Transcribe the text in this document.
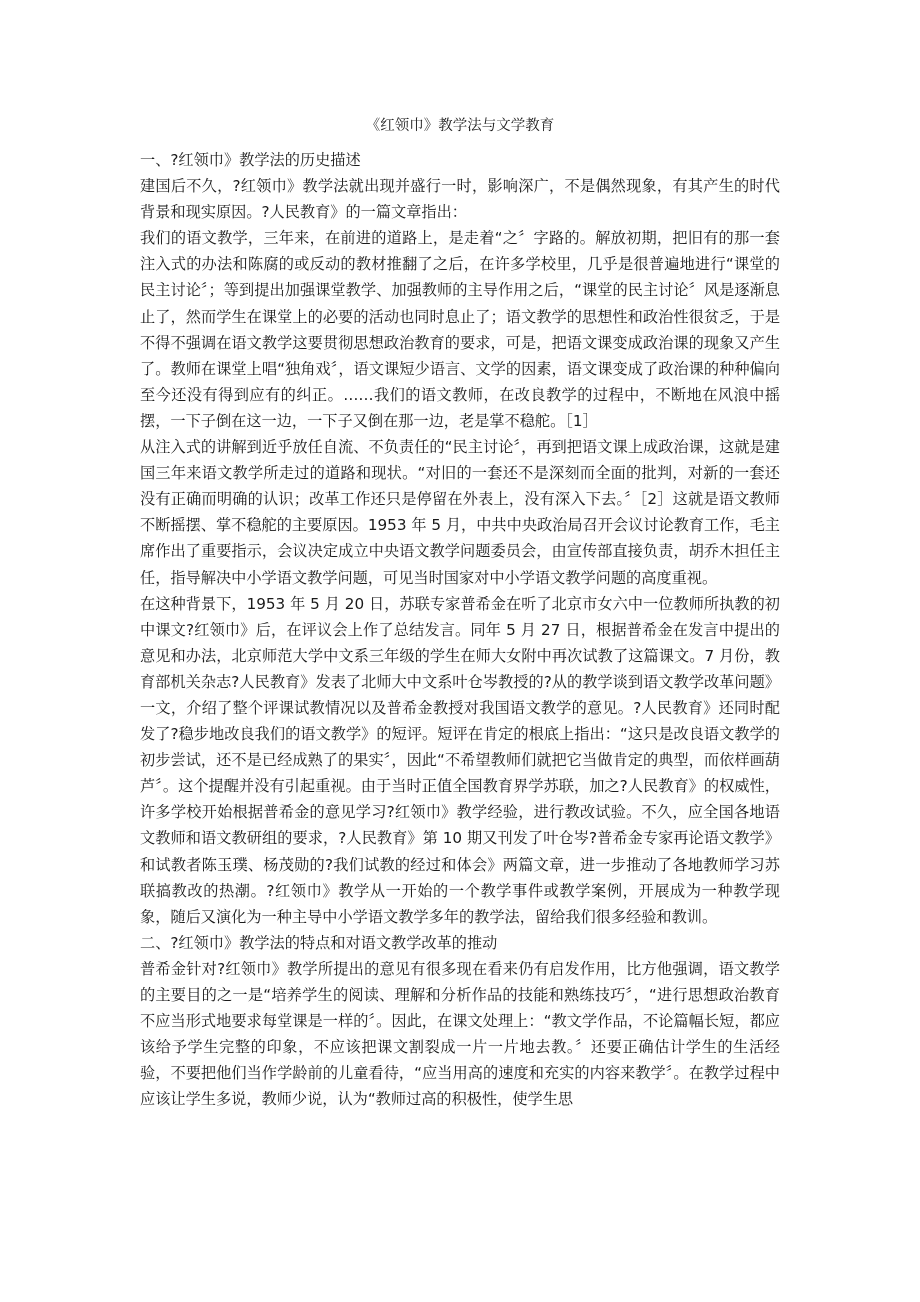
《红领巾》教学法与文学教育
一、?红领巾》教学法的历史描述

建国后不久，?红领巾》教学法就出现并盛行一时，影响深广，不是偶然现象，有其产生的时代背景和现实原因。?人民教育》的一篇文章指出：

我们的语文教学，三年来，在前进的道路上，是走着“之〞字路的。解放初期，把旧有的那一套注入式的办法和陈腐的或反动的教材推翻了之后，在许多学校里，几乎是很普遍地进行“课堂的民主讨论〞；等到提出加强课堂教学、加强教师的主导作用之后，“课堂的民主讨论〞风是逐渐息止了，然而学生在课堂上的必要的活动也同时息止了；语文教学的思想性和政治性很贫乏，于是不得不强调在语文教学这要贯彻思想政治教育的要求，可是，把语文课变成政治课的现象又产生了。教师在课堂上唱“独角戏〞，语文课短少语言、文学的因素，语文课变成了政治课的种种偏向至今还没有得到应有的纠正。……我们的语文教师，在改良教学的过程中，不断地在风浪中摇摆，一下子倒在这一边，一下子又倒在那一边，老是掌不稳舵。［1］

从注入式的讲解到近乎放任自流、不负责任的“民主讨论〞，再到把语文课上成政治课，这就是建国三年来语文教学所走过的道路和现状。“对旧的一套还不是深刻而全面的批判，对新的一套还没有正确而明确的认识；改革工作还只是停留在外表上，没有深入下去。〞［2］这就是语文教师不断摇摆、掌不稳舵的主要原因。1953 年 5 月，中共中央政治局召开会议讨论教育工作，毛主席作出了重要指示，会议决定成立中央语文教学问题委员会，由宣传部直接负责，胡乔木担任主任，指导解决中小学语文教学问题，可见当时国家对中小学语文教学问题的高度重视。

在这种背景下，1953 年 5 月 20 日，苏联专家普希金在听了北京市女六中一位教师所执教的初中课文?红领巾》后，在评议会上作了总结发言。同年 5 月 27 日，根据普希金在发言中提出的意见和办法，北京师范大学中文系三年级的学生在师大女附中再次试教了这篇课文。7 月份，教育部机关杂志?人民教育》发表了北师大中文系叶仓岑教授的?从的教学谈到语文教学改革问题》一文，介绍了整个评课试教情况以及普希金教授对我国语文教学的意见。?人民教育》还同时配发了?稳步地改良我们的语文教学》的短评。短评在肯定的根底上指出：“这只是改良语文教学的初步尝试，还不是已经成熟了的果实〞，因此“不希望教师们就把它当做肯定的典型，而依样画葫芦〞。这个提醒并没有引起重视。由于当时正值全国教育界学苏联，加之?人民教育》的权威性，许多学校开始根据普希金的意见学习?红领巾》教学经验，进行教改试验。不久，应全国各地语文教师和语文教研组的要求，?人民教育》第 10 期又刊发了叶仓岑?普希金专家再论语文教学》和试教者陈玉璞、杨茂勋的?我们试教的经过和体会》两篇文章，进一步推动了各地教师学习苏联搞教改的热潮。?红领巾》教学从一开始的一个教学事件或教学案例，开展成为一种教学现象，随后又演化为一种主导中小学语文教学多年的教学法，留给我们很多经验和教训。

二、?红领巾》教学法的特点和对语文教学改革的推动

普希金针对?红领巾》教学所提出的意见有很多现在看来仍有启发作用，比方他强调，语文教学的主要目的之一是“培养学生的阅读、理解和分析作品的技能和熟练技巧〞，“进行思想政治教育不应当形式地要求每堂课是一样的〞。因此，在课文处理上：“教文学作品，不论篇幅长短，都应该给予学生完整的印象，不应该把课文割裂成一片一片地去教。〞还要正确估计学生的生活经验，不要把他们当作学龄前的儿童看待，“应当用高的速度和充实的内容来教学〞。在教学过程中应该让学生多说，教师少说，认为“教师过高的积极性，使学生思
